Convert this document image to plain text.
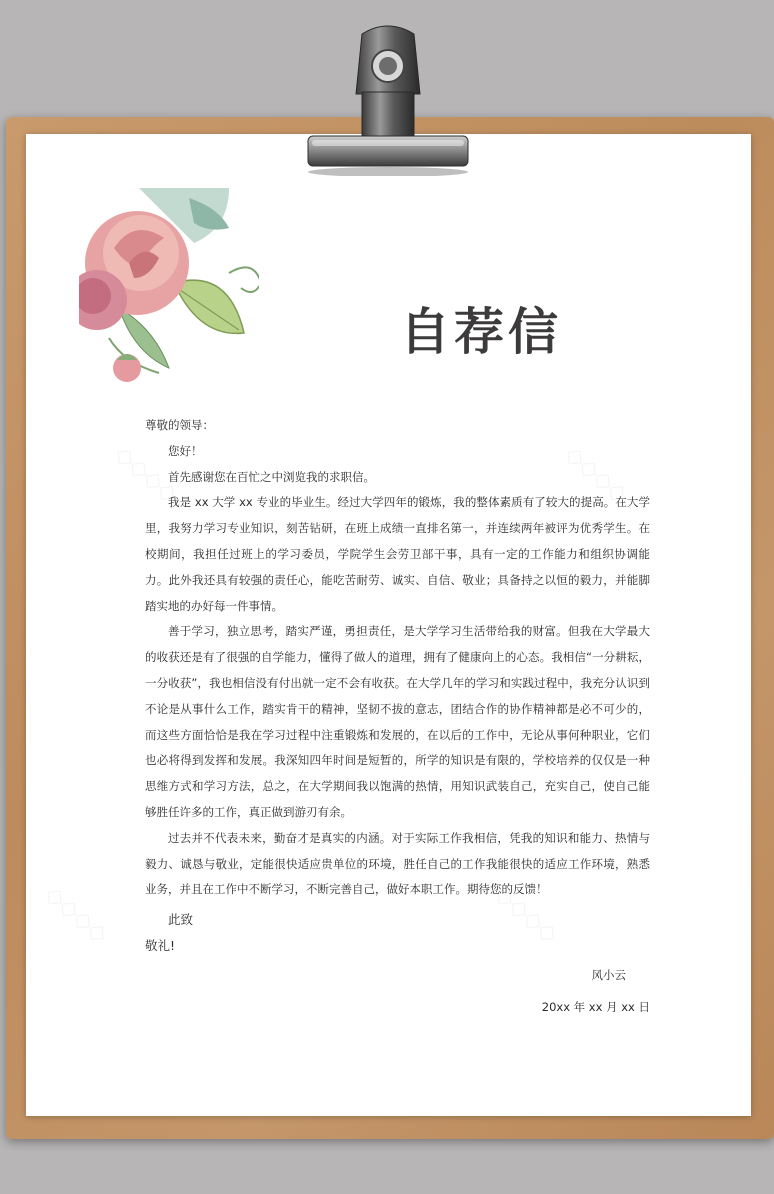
自荐信

尊敬的领导：

您好！

首先感谢您在百忙之中浏览我的求职信。

我是 xx 大学 xx 专业的毕业生。经过大学四年的锻炼，我的整体素质有了较大的提高。在大学里，我努力学习专业知识，刻苦钻研，在班上成绩一直排名第一，并连续两年被评为优秀学生。在校期间，我担任过班上的学习委员，学院学生会劳卫部干事，具有一定的工作能力和组织协调能力。此外我还具有较强的责任心，能吃苦耐劳、诚实、自信、敬业；具备持之以恒的毅力，并能脚踏实地的办好每一件事情。

善于学习，独立思考，踏实严谨，勇担责任，是大学学习生活带给我的财富。但我在大学最大的收获还是有了很强的自学能力，懂得了做人的道理，拥有了健康向上的心态。我相信“一分耕耘，一分收获”，我也相信没有付出就一定不会有收获。在大学几年的学习和实践过程中，我充分认识到不论是从事什么工作，踏实肯干的精神，坚韧不拔的意志，团结合作的协作精神都是必不可少的，而这些方面恰恰是我在学习过程中注重锻炼和发展的，在以后的工作中，无论从事何种职业，它们也必将得到发挥和发展。我深知四年时间是短暂的，所学的知识是有限的，学校培养的仅仅是一种思维方式和学习方法，总之，在大学期间我以饱满的热情，用知识武装自己，充实自己，使自己能够胜任许多的工作，真正做到游刃有余。

过去并不代表未来，勤奋才是真实的内涵。对于实际工作我相信，凭我的知识和能力、热情与毅力、诚恳与敬业，定能很快适应贵单位的环境，胜任自己的工作我能很快的适应工作环境，熟悉业务，并且在工作中不断学习，不断完善自己，做好本职工作。期待您的反馈！

此致

敬礼!

风小云

20xx 年 xx 月 xx 日
